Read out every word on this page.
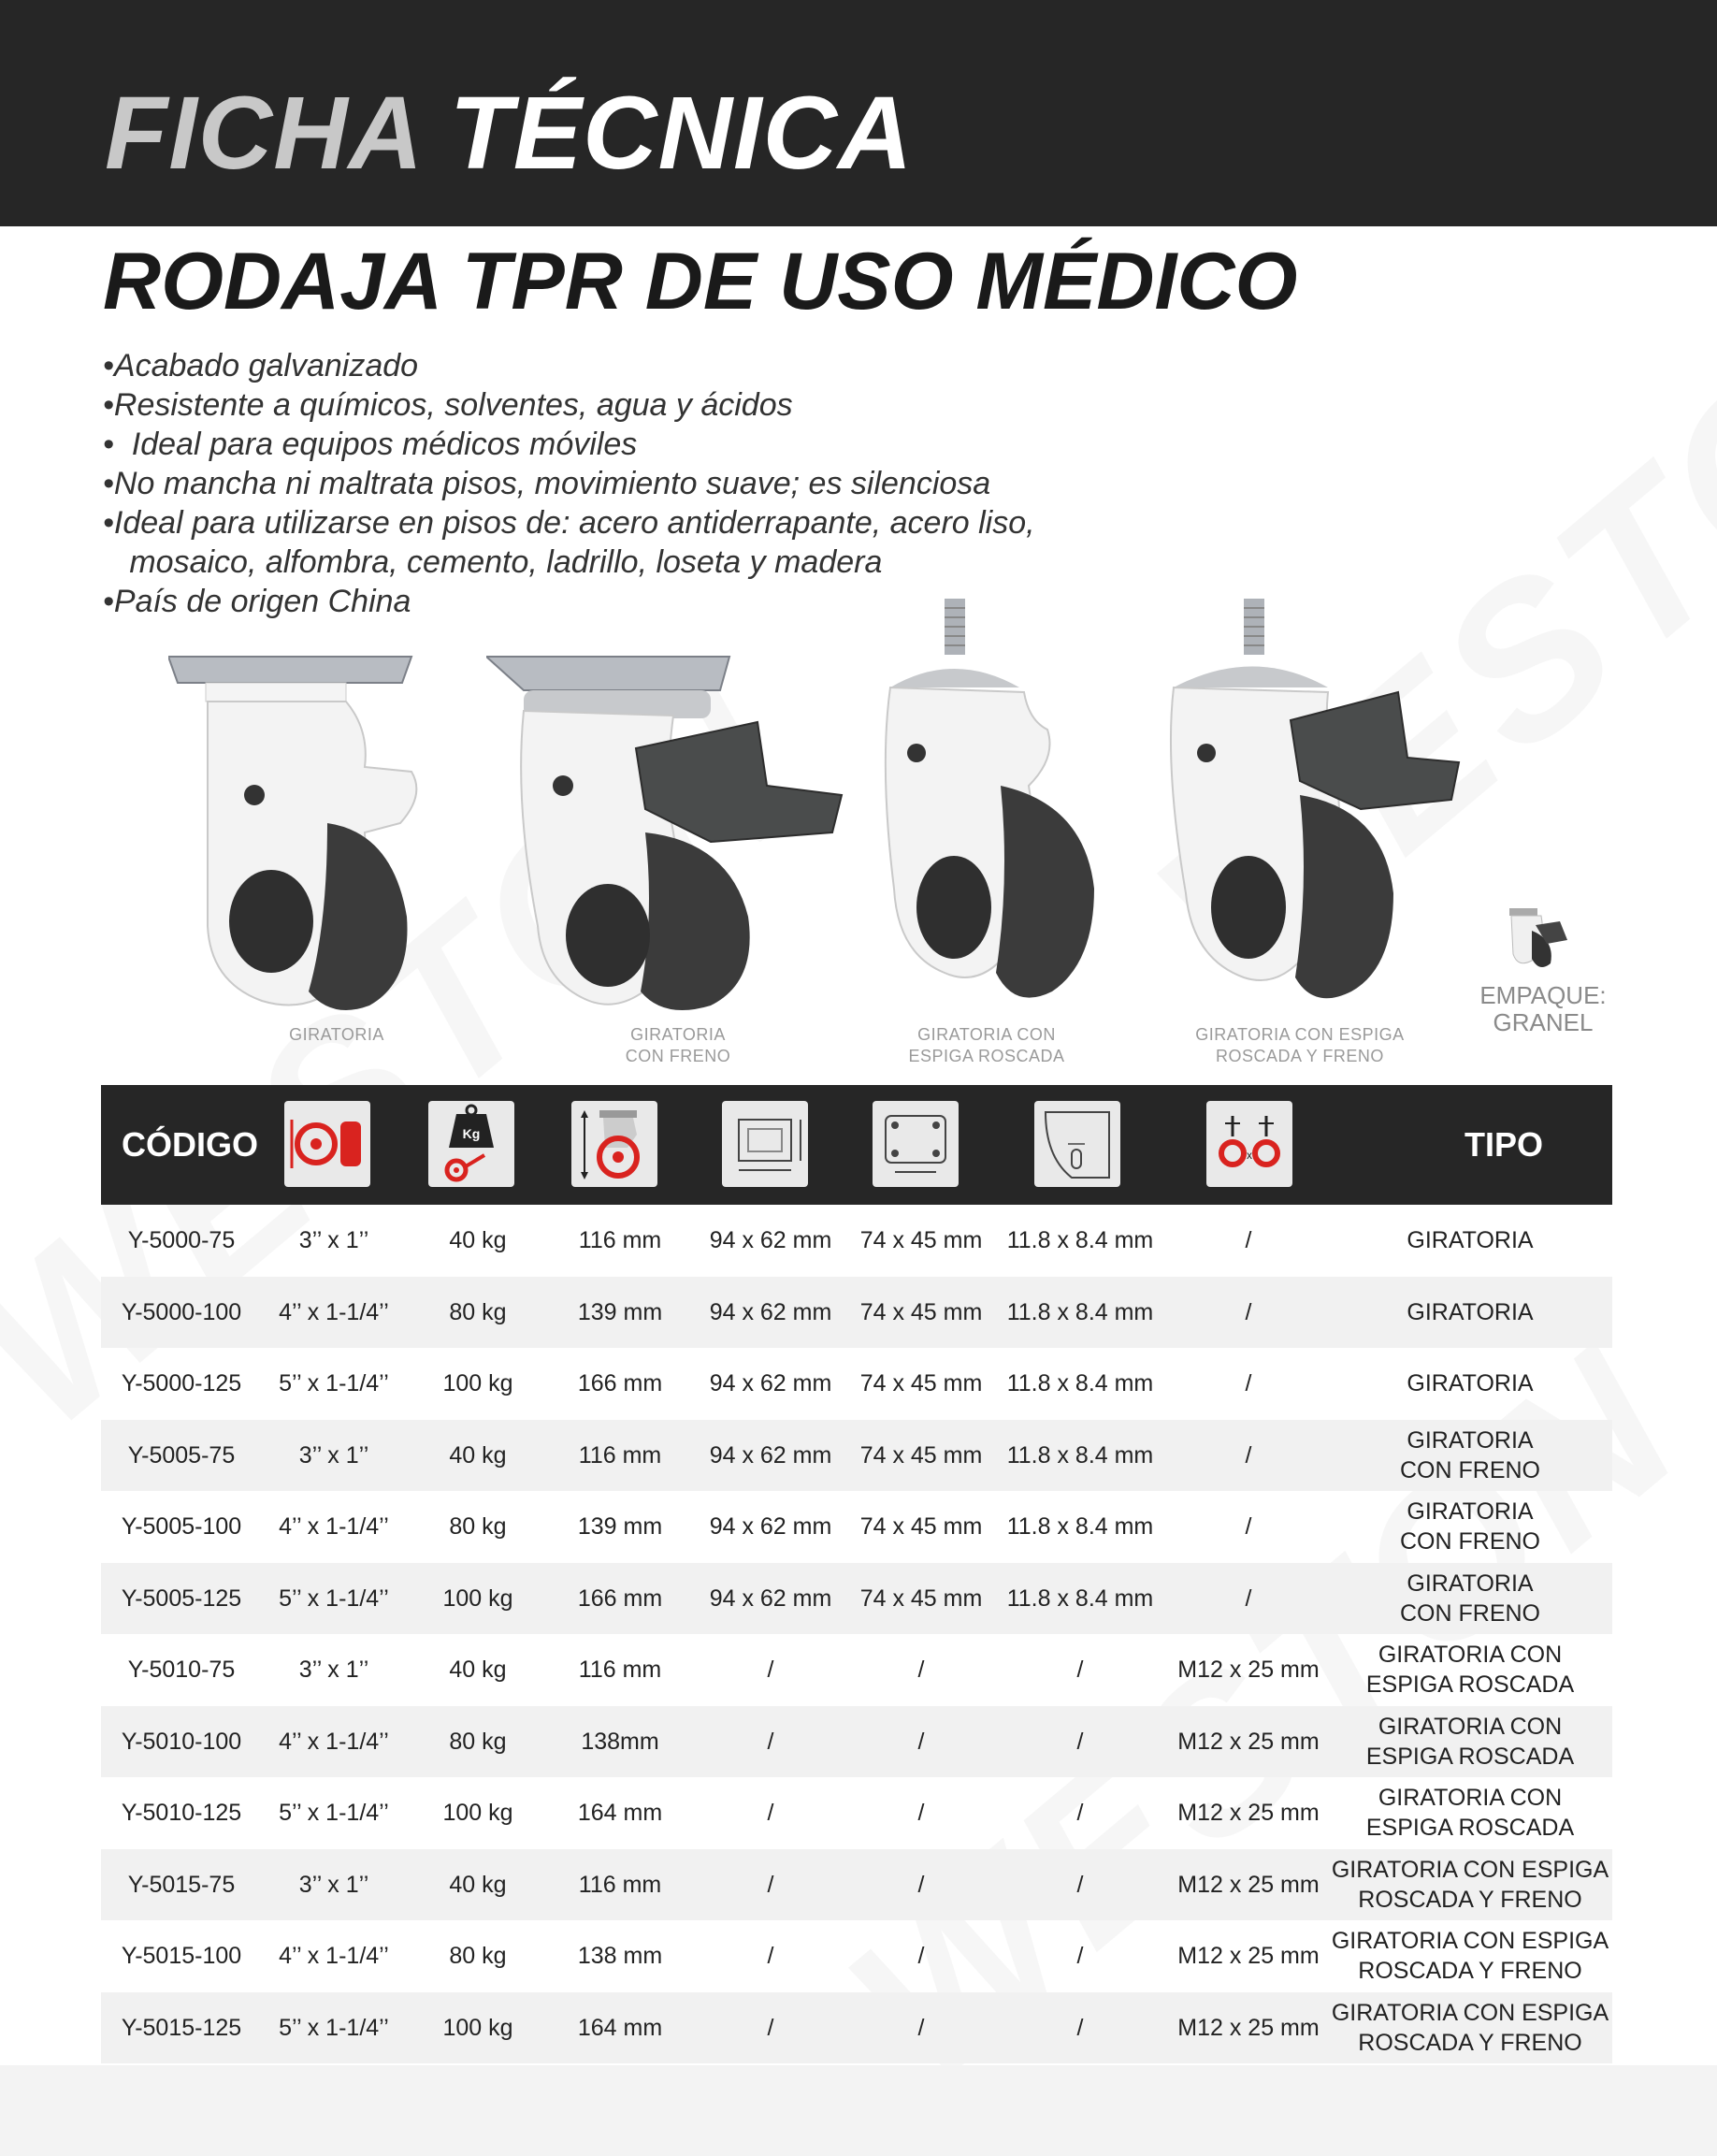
FICHA TÉCNICA
RODAJA TPR DE USO MÉDICO
•Acabado galvanizado
•Resistente a químicos, solventes, agua y ácidos
•  Ideal para equipos médicos móviles
•No mancha ni maltrata pisos, movimiento suave; es silenciosa
•Ideal para utilizarse en pisos de: acero antiderrapante, acero liso,
mosaico, alfombra, cemento, ladrillo, loseta y madera
•País de origen China
GIRATORIA	GIRATORIA
CON FRENO
GIRATORIA CON
ESPIGA ROSCADA
GIRATORIA CON ESPIGA
ROSCADA Y FRENO
EMPAQUE:
GRANEL
CÓDIGO	Kg
x	TIPO
Y-5000-75	3’’ x 1’’	40 kg	116 mm	94 x 62 mm	74 x 45 mm	11.8 x 8.4 mm	/	GIRATORIA
Y-5000-100	4’’ x 1-1/4’’	80 kg	139 mm	94 x 62 mm	74 x 45 mm	11.8 x 8.4 mm	/	GIRATORIA
Y-5000-125	5’’ x 1-1/4’’	100 kg	166 mm	94 x 62 mm	74 x 45 mm	11.8 x 8.4 mm	/	GIRATORIA
Y-5005-75	3’’ x 1’’	40 kg	116 mm	94 x 62 mm	74 x 45 mm	11.8 x 8.4 mm	/
GIRATORIA
CON FRENO
Y-5005-100	4’’ x 1-1/4’’	80 kg	139 mm	94 x 62 mm	74 x 45 mm	11.8 x 8.4 mm	/
GIRATORIA
CON FRENO
Y-5005-125	5’’ x 1-1/4’’	100 kg	166 mm	94 x 62 mm	74 x 45 mm	11.8 x 8.4 mm	/
GIRATORIA
CON FRENO
Y-5010-75	3’’ x 1’’	40 kg	116 mm	/	/	/	M12 x 25 mm
GIRATORIA CON
ESPIGA ROSCADA
Y-5010-100	4’’ x 1-1/4’’	80 kg	138mm	/	/	/	M12 x 25 mm
GIRATORIA CON
ESPIGA ROSCADA
Y-5010-125	5’’ x 1-1/4’’	100 kg	164 mm	/	/	/	M12 x 25 mm
GIRATORIA CON
ESPIGA ROSCADA
Y-5015-75	3’’ x 1’’	40 kg	116 mm	/	/	/	M12 x 25 mm
GIRATORIA CON ESPIGA
ROSCADA Y FRENO
Y-5015-100	4’’ x 1-1/4’’	80 kg	138 mm	/	/	/	M12 x 25 mm
GIRATORIA CON ESPIGA
ROSCADA Y FRENO
Y-5015-125	5’’ x 1-1/4’’	100 kg	164 mm	/	/	/	M12 x 25 mm
GIRATORIA CON ESPIGA
ROSCADA Y FRENO
